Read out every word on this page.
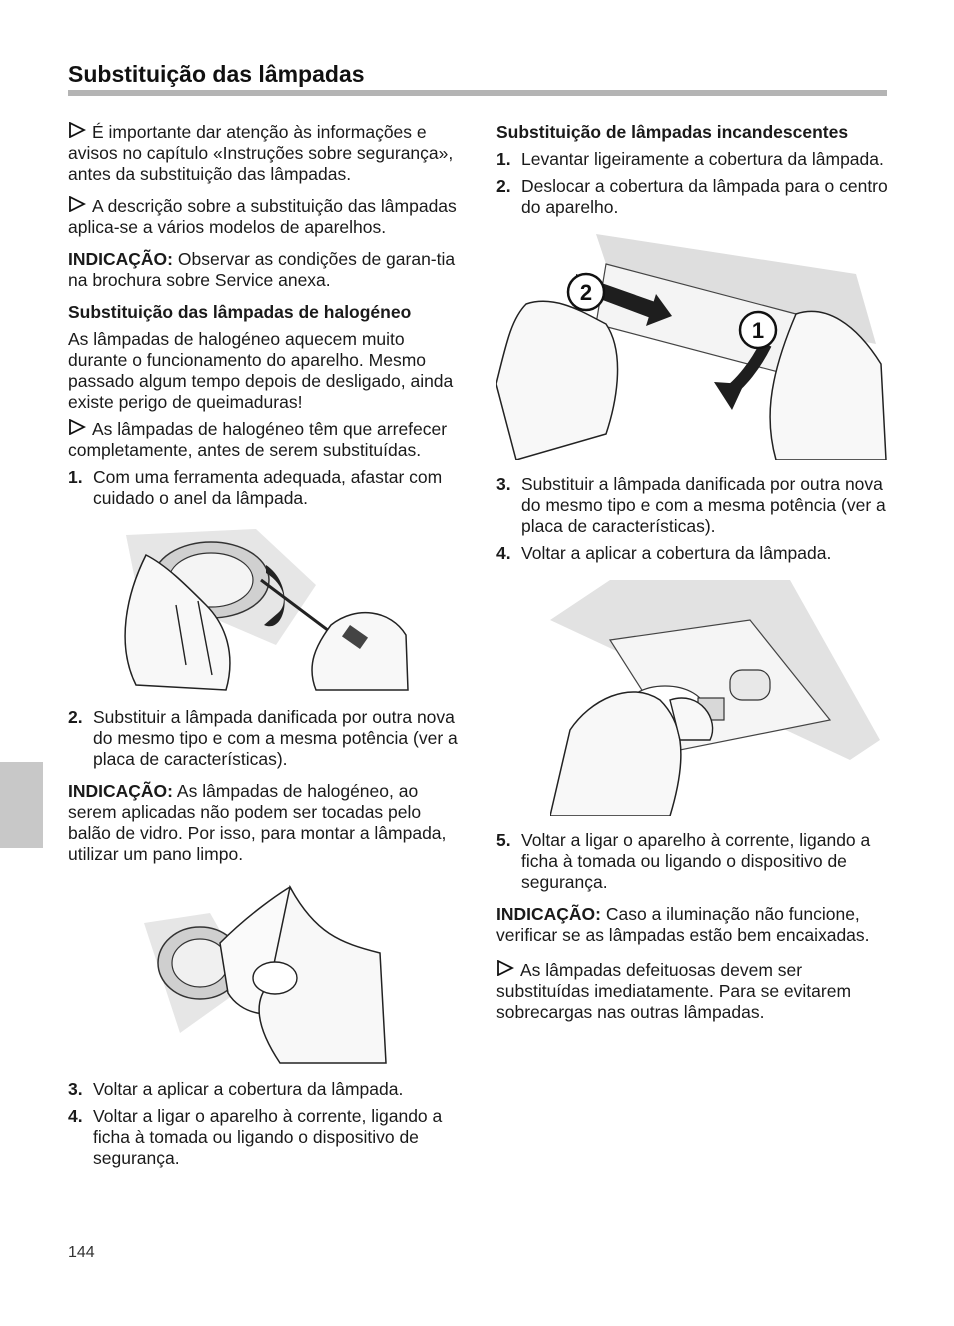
Substituição das lâmpadas

É importante dar atenção às informações e avisos no capítulo «Instruções sobre segurança», antes da substituição das lâmpadas.

A descrição sobre a substituição das lâmpadas aplica-se a vários modelos de aparelhos.

INDICAÇÃO: Observar as condições de garan-tia na brochura sobre Service anexa.

Substituição das lâmpadas de halogéneo

As lâmpadas de halogéneo aquecem muito durante o funcionamento do aparelho. Mesmo passado algum tempo depois de desligado, ainda existe perigo de queimaduras!

As lâmpadas de halogéneo têm que arrefecer completamente, antes de serem substituídas.

1. Com uma ferramenta adequada, afastar com cuidado o anel da lâmpada.
2. Substituir a lâmpada danificada por outra nova do mesmo tipo e com a mesma potência (ver a placa de características).

INDICAÇÃO: As lâmpadas de halogéneo, ao serem aplicadas não podem ser tocadas pelo balão de vidro. Por isso, para montar a lâmpada, utilizar um pano limpo.

3. Voltar a aplicar a cobertura da lâmpada.
4. Voltar a ligar o aparelho à corrente, ligando a ficha à tomada ou ligando o dispositivo de segurança.
Substituição de lâmpadas incandescentes
1. Levantar ligeiramente a cobertura da lâmpada.
2. Deslocar a cobertura da lâmpada para o centro do aparelho.
2
1
3. Substituir a lâmpada danificada por outra nova do mesmo tipo e com a mesma potência (ver a placa de características).
4. Voltar a aplicar a cobertura da lâmpada.
5. Voltar a ligar o aparelho à corrente, ligando a ficha à tomada ou ligando o dispositivo de segurança.

INDICAÇÃO: Caso a iluminação não funcione, verificar se as lâmpadas estão bem encaixadas.

As lâmpadas defeituosas devem ser substituídas imediatamente. Para se evitarem sobrecargas nas outras lâmpadas.

144
